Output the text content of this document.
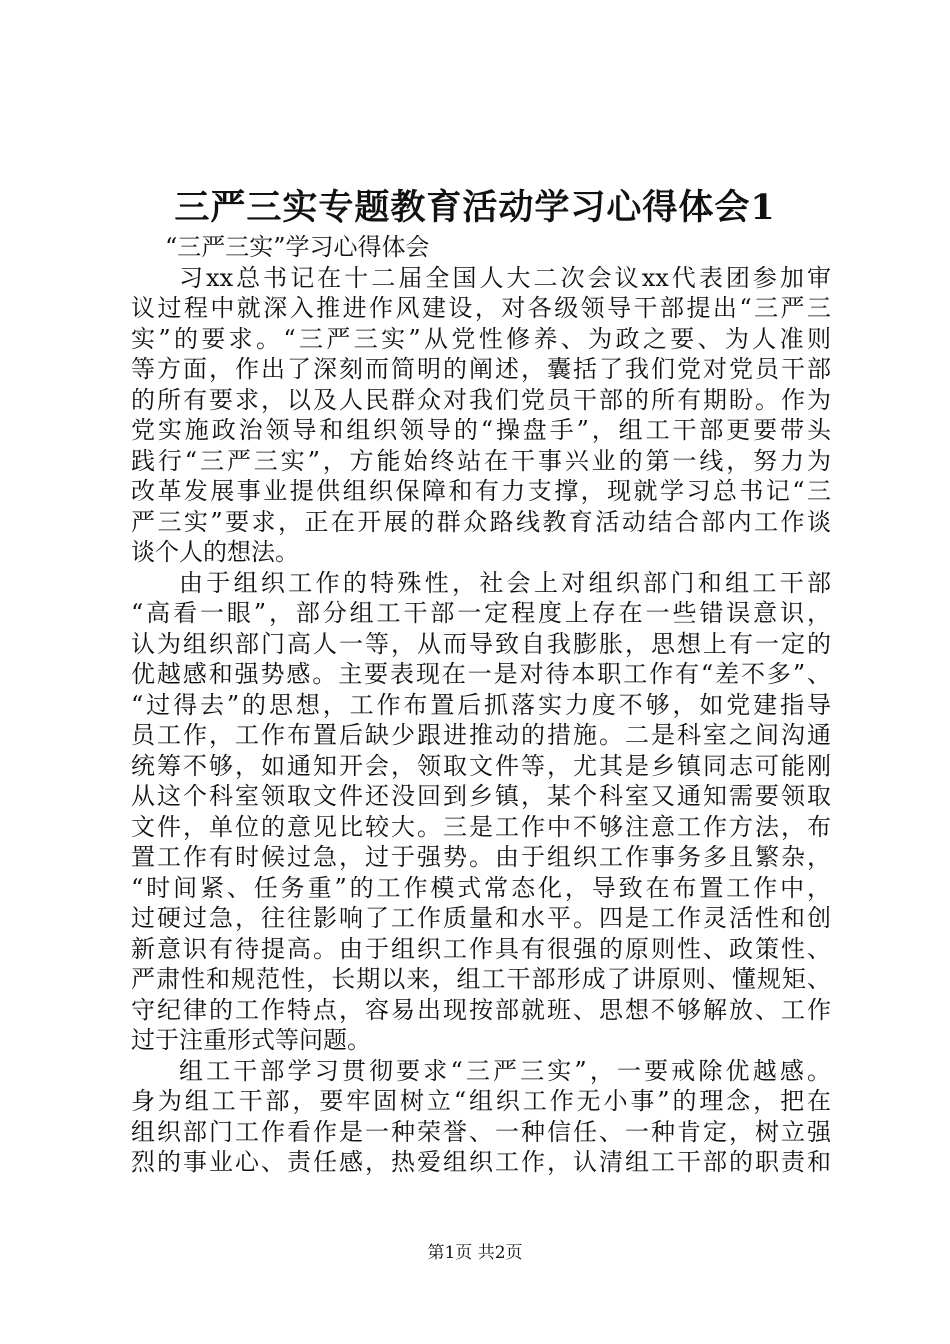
三严三实专题教育活动学习心得体会1
“三严三实”学习心得体会
习xx总书记在十二届全国人大二次会议xx代表团参加审
议过程中就深入推进作风建设，对各级领导干部提出“三严三
实”的要求。“三严三实”从党性修养、为政之要、为人准则
等方面，作出了深刻而简明的阐述，囊括了我们党对党员干部
的所有要求，以及人民群众对我们党员干部的所有期盼。作为
党实施政治领导和组织领导的“操盘手”，组工干部更要带头
践行“三严三实”，方能始终站在干事兴业的第一线，努力为
改革发展事业提供组织保障和有力支撑，现就学习总书记“三
严三实”要求，正在开展的群众路线教育活动结合部内工作谈
谈个人的想法。
由于组织工作的特殊性，社会上对组织部门和组工干部
“高看一眼”，部分组工干部一定程度上存在一些错误意识，
认为组织部门高人一等，从而导致自我膨胀，思想上有一定的
优越感和强势感。主要表现在一是对待本职工作有“差不多”、
“过得去”的思想，工作布置后抓落实力度不够，如党建指导
员工作，工作布置后缺少跟进推动的措施。二是科室之间沟通
统筹不够，如通知开会，领取文件等，尤其是乡镇同志可能刚
从这个科室领取文件还没回到乡镇，某个科室又通知需要领取
文件，单位的意见比较大。三是工作中不够注意工作方法，布
置工作有时候过急，过于强势。由于组织工作事务多且繁杂，
“时间紧、任务重”的工作模式常态化，导致在布置工作中，
过硬过急，往往影响了工作质量和水平。四是工作灵活性和创
新意识有待提高。由于组织工作具有很强的原则性、政策性、
严肃性和规范性，长期以来，组工干部形成了讲原则、懂规矩、
守纪律的工作特点，容易出现按部就班、思想不够解放、工作
过于注重形式等问题。
组工干部学习贯彻要求“三严三实”，一要戒除优越感。
身为组工干部，要牢固树立“组织工作无小事”的理念，把在
组织部门工作看作是一种荣誉、一种信任、一种肯定，树立强
烈的事业心、责任感，热爱组织工作，认清组工干部的职责和
第1页 共2页
